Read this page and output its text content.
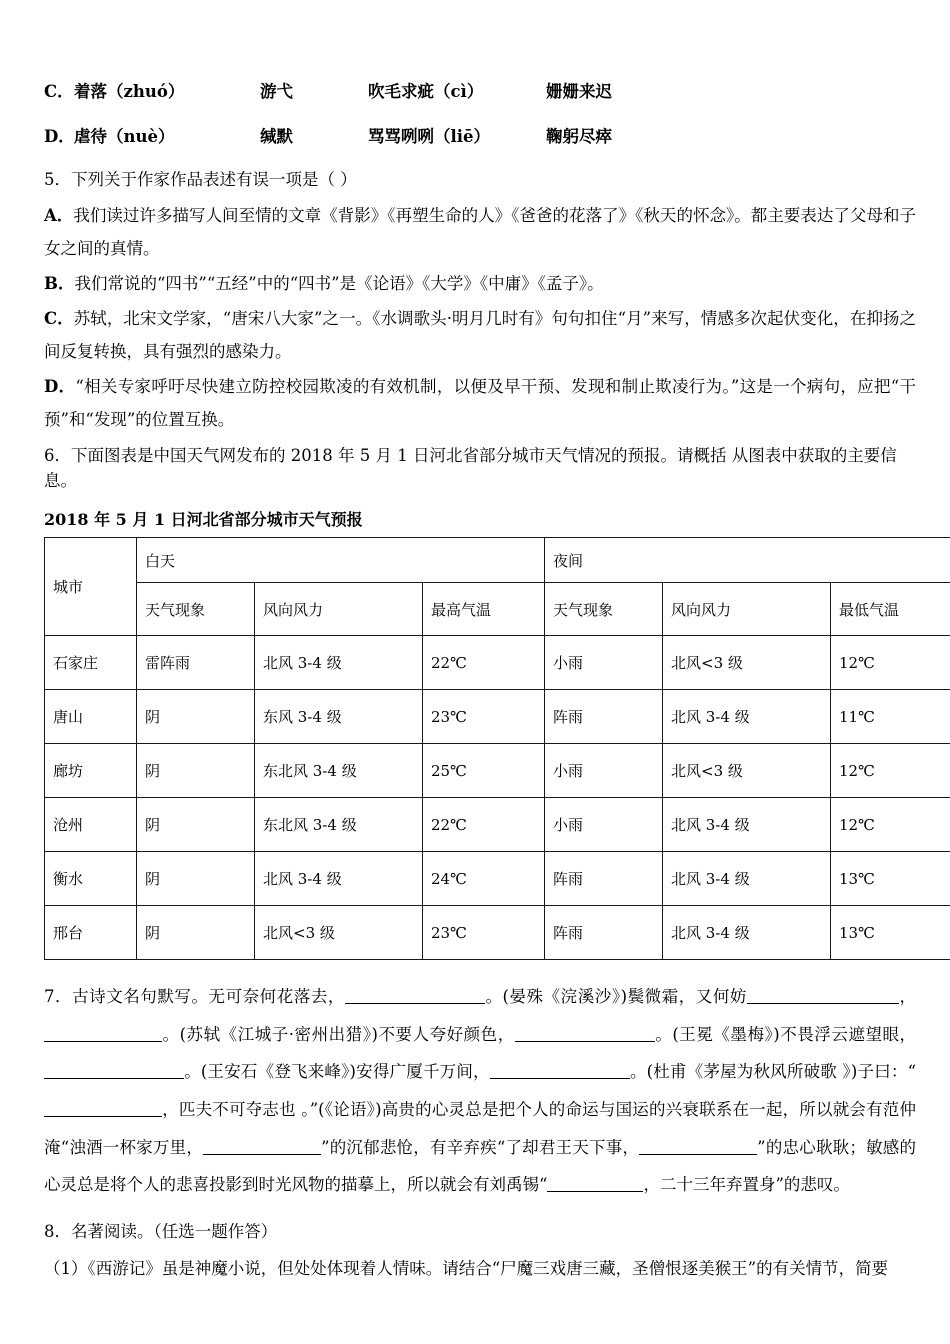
C． 着落（zhuó）	游弋	吹毛求疵（cì）	姗姗来迟
D． 虐待（nuè）	缄默	骂骂咧咧（liē）	鞠躬尽瘁
5．下列关于作家作品表述有误一项是（ ）
A．我们读过许多描写人间至情的文章《背影》《再塑生命的人》《爸爸的花落了》《秋天的怀念》。都主要表达了父母和子女之间的真情。
B．我们常说的“四书”“五经”中的“四书”是《论语》《大学》《中庸》《孟子》。
C．苏轼，北宋文学家，“唐宋八大家”之一。《水调歌头·明月几时有》句句扣住“月”来写，情感多次起伏变化，在抑扬之间反复转换，具有强烈的感染力。
D．“相关专家呼吁尽快建立防控校园欺凌的有效机制，以便及早干预、发现和制止欺凌行为。”这是一个病句，应把“干预”和“发现”的位置互换。
6．下面图表是中国天气网发布的 2018 年 5 月 1 日河北省部分城市天气情况的预报。请概括 从图表中获取的主要信息。
2018 年 5 月 1 日河北省部分城市天气预报
城市	白天			夜间		
	天气现象	风向风力	最高气温	天气现象	风向风力	最低气温
石家庄	雷阵雨	北风 3-4 级	22℃	小雨	北风<3 级	12℃
唐山	阴	东风 3-4 级	23℃	阵雨	北风 3-4 级	11℃
廊坊	阴	东北风 3-4 级	25℃	小雨	北风<3 级	12℃
沧州	阴	东北风 3-4 级	22℃	小雨	北风 3-4 级	12℃
衡水	阴	北风 3-4 级	24℃	阵雨	北风 3-4 级	13℃
邢台	阴	北风<3 级	23℃	阵雨	北风 3-4 级	13℃
7．古诗文名句默写。无可奈何花落去，	。(晏殊《浣溪沙》)鬓微霜，又何妨	，。(苏轼《江城子·密州出猎》)不要人夸好颜色，	。(王冕《墨梅》)不畏浮云遮望眼，。(王安石《登飞来峰》)安得广厦千万间，	。(杜甫《茅屋为秋风所破歌 》)子曰：“，匹夫不可夺志也 。”(《论语》)高贵的心灵总是把个人的命运与国运的兴衰联系在一起，所以就会有范仲淹“浊酒一杯家万里，	”的沉郁悲怆，有辛弃疾“了却君王天下事，	”的忠心耿耿；敏感的心灵总是将个人的悲喜投影到时光风物的描摹上，所以就会有刘禹锡“	，二十三年弃置身”的悲叹。
8．名著阅读。（任选一题作答）
（1）《西游记》虽是神魔小说，但处处体现着人情味。请结合“尸魔三戏唐三藏，圣僧恨逐美猴王”的有关情节，简要
